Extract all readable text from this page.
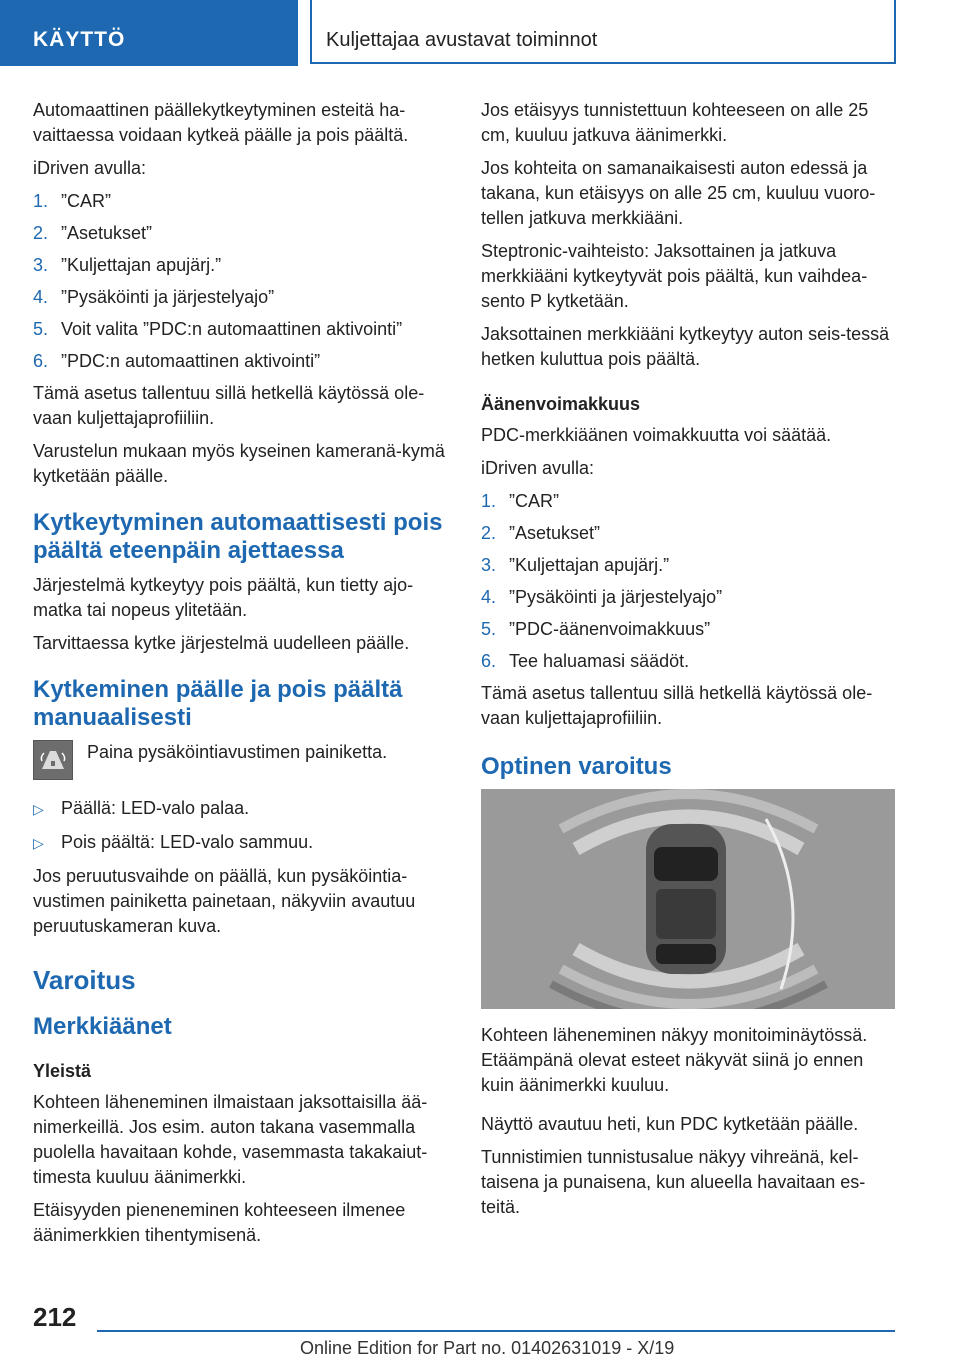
KÄYTTÖ	Kuljettajaa avustavat toiminnot

Automaattinen päällekytkeytyminen esteitä ha-vaittaessa voidaan kytkeä päälle ja pois päältä.

iDriven avulla:

1. ”CAR”
2. ”Asetukset”
3. ”Kuljettajan apujärj.”
4. ”Pysäköinti ja järjestelyajo”
5. Voit valita ”PDC:n automaattinen aktivointi”
6. ”PDC:n automaattinen aktivointi”

Tämä asetus tallentuu sillä hetkellä käytössä ole-vaan kuljettajaprofiiliin.

Varustelun mukaan myös kyseinen kameranä-kymä kytketään päälle.

Kytkeytyminen automaattisesti pois päältä eteenpäin ajettaessa

Järjestelmä kytkeytyy pois päältä, kun tietty ajo-matka tai nopeus ylitetään.

Tarvittaessa kytke järjestelmä uudelleen päälle.

Kytkeminen päälle ja pois päältä manuaalisesti
Paina pysäköintiavustimen painiketta.
▷ Päällä: LED-valo palaa.
▷ Pois päältä: LED-valo sammuu.

Jos peruutusvaihde on päällä, kun pysäköintia-vustimen painiketta painetaan, näkyviin avautuu peruutuskameran kuva.

Varoitus
Merkkiäänet
Yleistä

Kohteen läheneminen ilmaistaan jaksottaisilla ää-nimerkeillä. Jos esim. auton takana vasemmalla puolella havaitaan kohde, vasemmasta takakaiut-timesta kuuluu äänimerkki.

Etäisyyden pieneneminen kohteeseen ilmenee äänimerkkien tihentymisenä.

Jos etäisyys tunnistettuun kohteeseen on alle 25 cm, kuuluu jatkuva äänimerkki.

Jos kohteita on samanaikaisesti auton edessä ja takana, kun etäisyys on alle 25 cm, kuuluu vuoro-tellen jatkuva merkkiääni.

Steptronic-vaihteisto: Jaksottainen ja jatkuva merkkiääni kytkeytyvät pois päältä, kun vaihdea-sento P kytketään.

Jaksottainen merkkiääni kytkeytyy auton seis-tessä hetken kuluttua pois päältä.

Äänenvoimakkuus

PDC-merkkiäänen voimakkuutta voi säätää.

iDriven avulla:

1. ”CAR”
2. ”Asetukset”
3. ”Kuljettajan apujärj.”
4. ”Pysäköinti ja järjestelyajo”
5. ”PDC-äänenvoimakkuus”
6. Tee haluamasi säädöt.

Tämä asetus tallentuu sillä hetkellä käytössä ole-vaan kuljettajaprofiiliin.

Optinen varoitus

Kohteen läheneminen näkyy monitoiminäytössä. Etäämpänä olevat esteet näkyvät siinä jo ennen kuin äänimerkki kuuluu.

Näyttö avautuu heti, kun PDC kytketään päälle.

Tunnistimien tunnistusalue näkyy vihreänä, kel-taisena ja punaisena, kun alueella havaitaan es-teitä.

212
Online Edition for Part no. 01402631019 - X/19
